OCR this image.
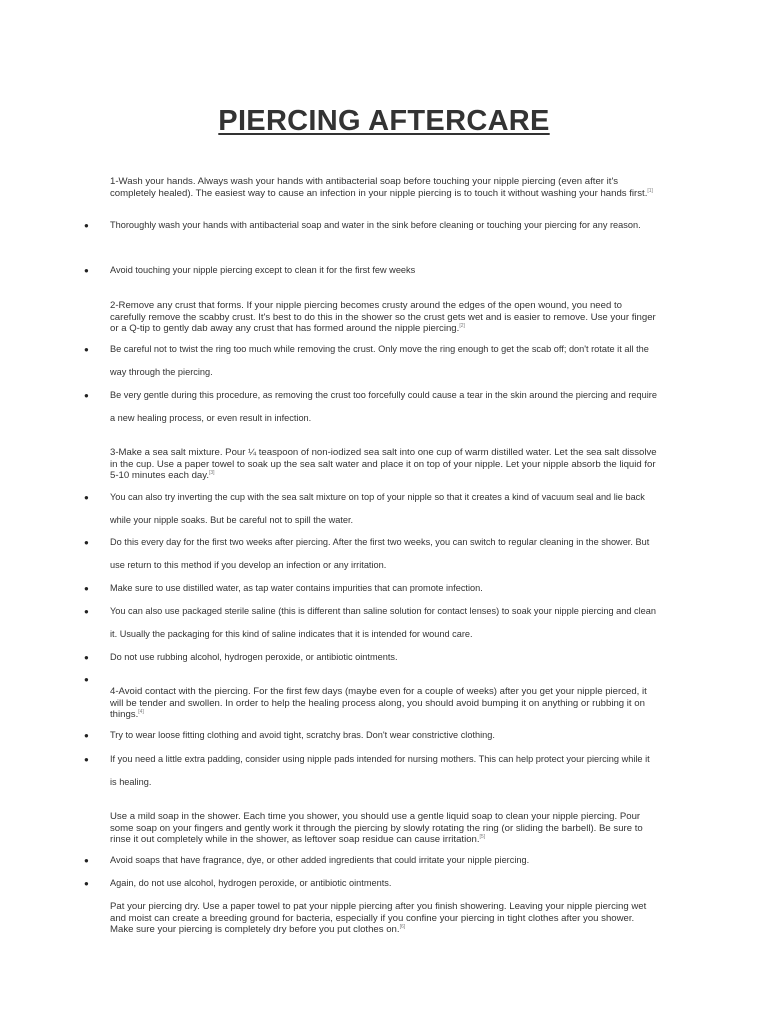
PIERCING AFTERCARE
1-Wash your hands. Always wash your hands with antibacterial soap before touching your nipple piercing (even after it's completely healed). The easiest way to cause an infection in your nipple piercing is to touch it without washing your hands first.[1]
● Thoroughly wash your hands with antibacterial soap and water in the sink before cleaning or touching your piercing for any reason.
● Avoid touching your nipple piercing except to clean it for the first few weeks
2-Remove any crust that forms. If your nipple piercing becomes crusty around the edges of the open wound, you need to carefully remove the scabby crust. It's best to do this in the shower so the crust gets wet and is easier to remove. Use your finger or a Q-tip to gently dab away any crust that has formed around the nipple piercing.[2]
● Be careful not to twist the ring too much while removing the crust. Only move the ring enough to get the scab off; don't rotate it all the way through the piercing.
● Be very gentle during this procedure, as removing the crust too forcefully could cause a tear in the skin around the piercing and require a new healing process, or even result in infection.
3-Make a sea salt mixture. Pour ¼ teaspoon of non-iodized sea salt into one cup of warm distilled water. Let the sea salt dissolve in the cup. Use a paper towel to soak up the sea salt water and place it on top of your nipple. Let your nipple absorb the liquid for 5-10 minutes each day.[3]
● You can also try inverting the cup with the sea salt mixture on top of your nipple so that it creates a kind of vacuum seal and lie back while your nipple soaks. But be careful not to spill the water.
● Do this every day for the first two weeks after piercing. After the first two weeks, you can switch to regular cleaning in the shower. But use return to this method if you develop an infection or any irritation.
● Make sure to use distilled water, as tap water contains impurities that can promote infection.
● You can also use packaged sterile saline (this is different than saline solution for contact lenses) to soak your nipple piercing and clean it. Usually the packaging for this kind of saline indicates that it is intended for wound care.
● Do not use rubbing alcohol, hydrogen peroxide, or antibiotic ointments.
●
4-Avoid contact with the piercing. For the first few days (maybe even for a couple of weeks) after you get your nipple pierced, it will be tender and swollen. In order to help the healing process along, you should avoid bumping it on anything or rubbing it on things.[4]
● Try to wear loose fitting clothing and avoid tight, scratchy bras. Don't wear constrictive clothing.
● If you need a little extra padding, consider using nipple pads intended for nursing mothers. This can help protect your piercing while it is healing.
Use a mild soap in the shower. Each time you shower, you should use a gentle liquid soap to clean your nipple piercing. Pour some soap on your fingers and gently work it through the piercing by slowly rotating the ring (or sliding the barbell). Be sure to rinse it out completely while in the shower, as leftover soap residue can cause irritation.[5]
● Avoid soaps that have fragrance, dye, or other added ingredients that could irritate your nipple piercing.
● Again, do not use alcohol, hydrogen peroxide, or antibiotic ointments.
Pat your piercing dry. Use a paper towel to pat your nipple piercing after you finish showering. Leaving your nipple piercing wet and moist can create a breeding ground for bacteria, especially if you confine your piercing in tight clothes after you shower. Make sure your piercing is completely dry before you put clothes on.[6]
